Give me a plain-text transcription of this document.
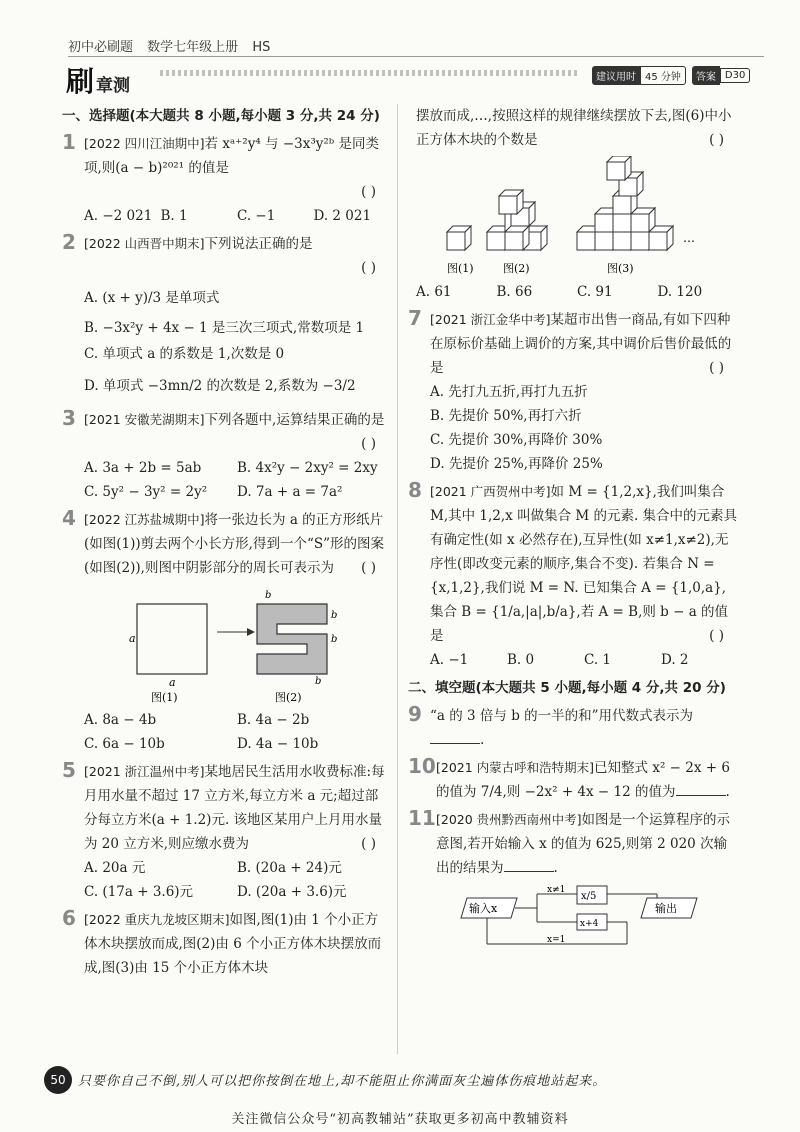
初中必刷题 数学七年级上册 HS
刷 章测	建议用时 45 分钟	答案 D30
一、选择题(本大题共 8 小题,每小题 3 分,共 24 分)
1 [2022 四川江油期中]若 xᵃ⁺²y⁴ 与 −3x³y²ᵇ 是同类项,则(a − b)²⁰²¹ 的值是
( )
A. −2 021 B. 1	C. −1	D. 2 021
2 [2022 山西晋中期末]下列说法正确的是
( )
A. (x + y)/3 是单项式
B. −3x²y + 4x − 1 是三次三项式,常数项是 1
C. 单项式 a 的系数是 1,次数是 0
D. 单项式 −3mn/2 的次数是 2,系数为 −3/2
3 [2021 安徽芜湖期末]下列各题中,运算结果正确的是
( )
A. 3a + 2b = 5ab	B. 4x²y − 2xy² = 2xy
C. 5y² − 3y² = 2y²	D. 7a + a = 7a²
4 [2022 江苏盐城期中]将一张边长为 a 的正方形纸片(如图(1))剪去两个小长方形,得到一个“S”形的图案(如图(2)),则图中阴影部分的周长可表示为 ( )
a
a
b
b
b
b
图(1)	图(2)
A. 8a − 4b	B. 4a − 2b
C. 6a − 10b	D. 4a − 10b
5 [2021 浙江温州中考]某地居民生活用水收费标准:每月用水量不超过 17 立方米,每立方米 a 元;超过部分每立方米(a + 1.2)元. 该地区某用户上月用水量为 20 立方米,则应缴水费为	( )
A. 20a 元	B. (20a + 24)元
C. (17a + 3.6)元	D. (20a + 3.6)元
6 [2022 重庆九龙坡区期末]如图,图(1)由 1 个小正方体木块摆放而成,图(2)由 6 个小正方体木块摆放而成,图(3)由 15 个小正方体木块
摆放而成,…,按照这样的规律继续摆放下去,图(6)中小正方体木块的个数是	( )
…
图(1)	图(2)	图(3)
A. 61	B. 66	C. 91	D. 120
7 [2021 浙江金华中考]某超市出售一商品,有如下四种在原标价基础上调价的方案,其中调价后售价最低的是	( )
A. 先打九五折,再打九五折
B. 先提价 50%,再打六折
C. 先提价 30%,再降价 30%
D. 先提价 25%,再降价 25%
8 [2021 广西贺州中考]如 M = {1,2,x},我们叫集合 M,其中 1,2,x 叫做集合 M 的元素. 集合中的元素具有确定性(如 x 必然存在),互异性(如 x≠1,x≠2),无序性(即改变元素的顺序,集合不变). 若集合 N = {x,1,2},我们说 M = N. 已知集合 A = {1,0,a},集合 B = {1/a,|a|,b/a},若 A = B,则 b − a 的值是	( )
A. −1	B. 0	C. 1	D. 2
二、填空题(本大题共 5 小题,每小题 4 分,共 20 分)
9 “a 的 3 倍与 b 的一半的和”用代数式表示为.
10 [2021 内蒙古呼和浩特期末]已知整式 x² − 2x + 6 的值为 7/4,则 −2x² + 4x − 12 的值为	.
11 [2020 贵州黔西南州中考]如图是一个运算程序的示意图,若开始输入 x 的值为 625,则第 2 020 次输出的结果为	.
输入x
x/5
x≠1
输出
x+4
x=1
50 只要你自己不倒,别人可以把你按倒在地上,却不能阻止你满面灰尘遍体伤痕地站起来。
关注微信公众号“初高教辅站”获取更多初高中教辅资料
